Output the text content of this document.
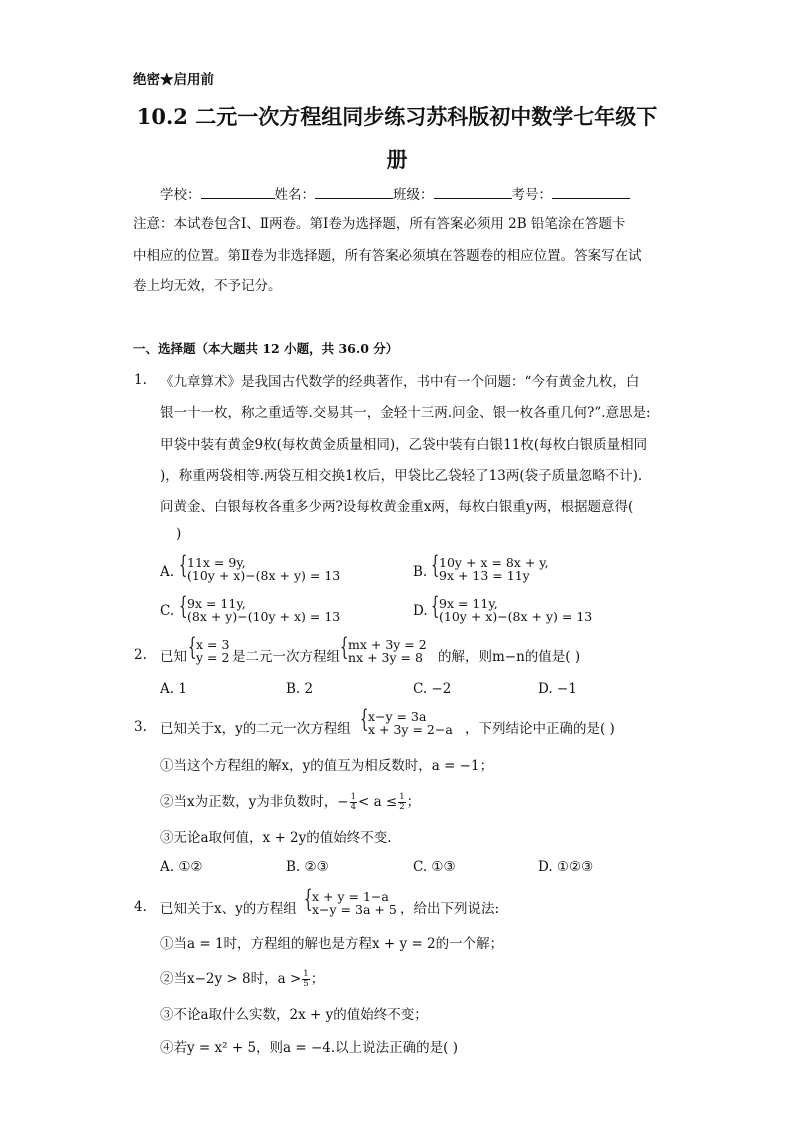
绝密★启用前
10.2 二元一次方程组同步练习苏科版初中数学七年级下
册
学校：	姓名：	班级：	考号：
注意：本试卷包含Ⅰ、Ⅱ两卷。第Ⅰ卷为选择题，所有答案必须用 2B 铅笔涂在答题卡
中相应的位置。第Ⅱ卷为非选择题，所有答案必须填在答题卷的相应位置。答案写在试
卷上均无效，不予记分。
一、选择题（本大题共 12 小题，共 36.0 分）
1. 《九章算术》是我国古代数学的经典著作，书中有一个问题：“今有黄金九枚，白
银一十一枚，称之重适等.交易其一，金轻十三两.问金、银一枚各重几何?”.意思是:
甲袋中装有黄金9枚(每枚黄金质量相同)，乙袋中装有白银11枚(每枚白银质量相同
)，称重两袋相等.两袋互相交换1枚后，甲袋比乙袋轻了13两(袋子质量忽略不计).
问黄金、白银每枚各重多少两?设每枚黄金重x两，每枚白银重y两，根据题意得(
)
A. { 11x = 9y,
(10y + x)−(8x + y) = 13	B. { 10y + x = 8x + y,
9x + 13 = 11y
C. { 9x = 11y,
(8x + y)−(10y + x) = 13	D. { 9x = 11y,
(10y + x)−(8x + y) = 13
2. 已知 { x = 3
y = 2 是二元一次方程组 { mx + 3y = 2
nx + 3y = 8 的解，则m−n的值是( )
A. 1	B. 2	C. −2	D. −1
3. 已知关于x，y的二元一次方程组 { x−y = 3a
x + 3y = 2−a ，下列结论中正确的是( )
①当这个方程组的解x，y的值互为相反数时，a = −1；
②当x为正数，y为非负数时，− $\frac{1}{4} < a \le \frac{1}{2}$ ；
③无论a取何值，x + 2y的值始终不变.
A. ①②	B. ②③	C. ①③	D. ①②③
4. 已知关于x、y的方程组 { x + y = 1−a
x−y = 3a + 5 ，给出下列说法:
①当a = 1时，方程组的解也是方程x + y = 2的一个解；
②当x−2y > 8时，$a > \frac{1}{5}$ ；
③不论a取什么实数，2x + y的值始终不变；
④若y = x² + 5，则a = −4.以上说法正确的是( )
